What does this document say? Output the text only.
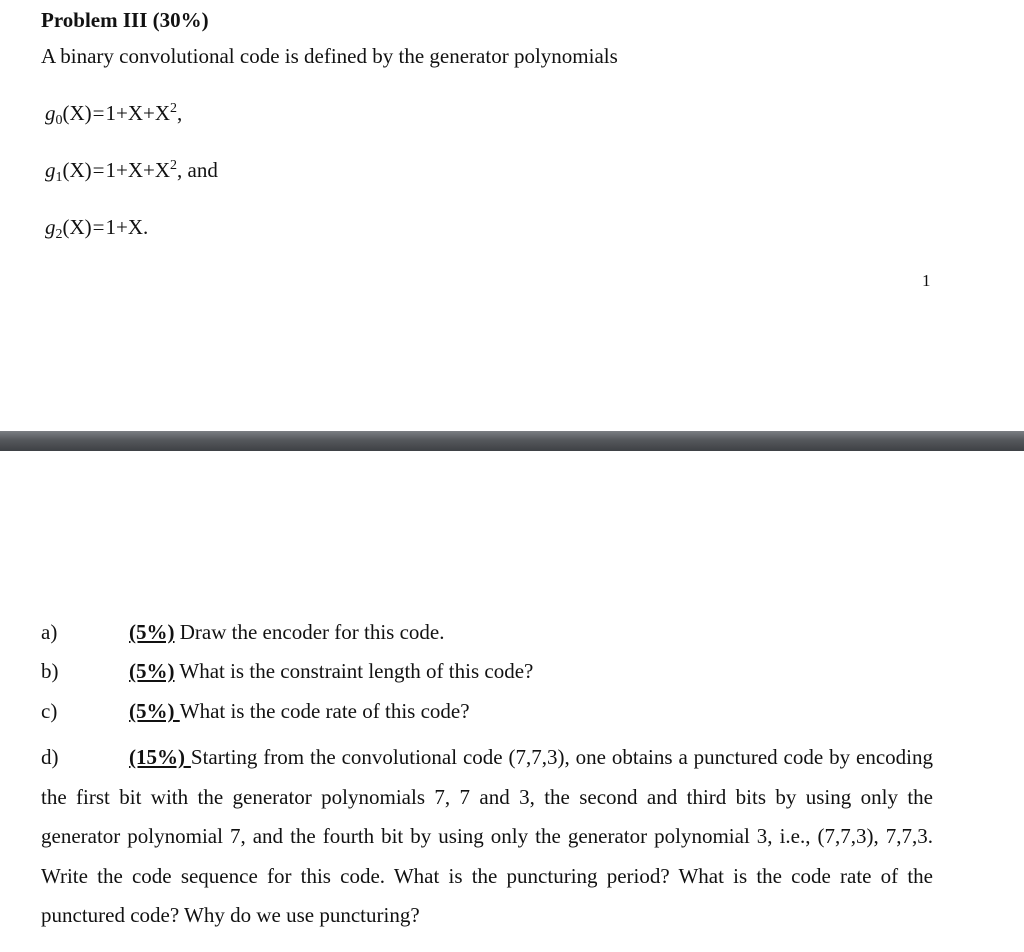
Problem III (30%)
A binary convolutional code is defined by the generator polynomials
$g_0(X)=1+X+X^2$,
$g_1(X)=1+X+X^2$, and
$g_2(X)=1+X$.
1
a)	(5%) Draw the encoder for this code.
b)	(5%) What is the constraint length of this code?
c)	(5%) What is the code rate of this code?
d)	(15%) Starting from the convolutional code (7,7,3), one obtains a punctured code by encoding the first bit with the generator polynomials 7, 7 and 3, the second and third bits by using only the generator polynomial 7, and the fourth bit by using only the generator polynomial 3, i.e., (7,7,3), 7,7,3. Write the code sequence for this code. What is the puncturing period? What is the code rate of the punctured code? Why do we use puncturing?
